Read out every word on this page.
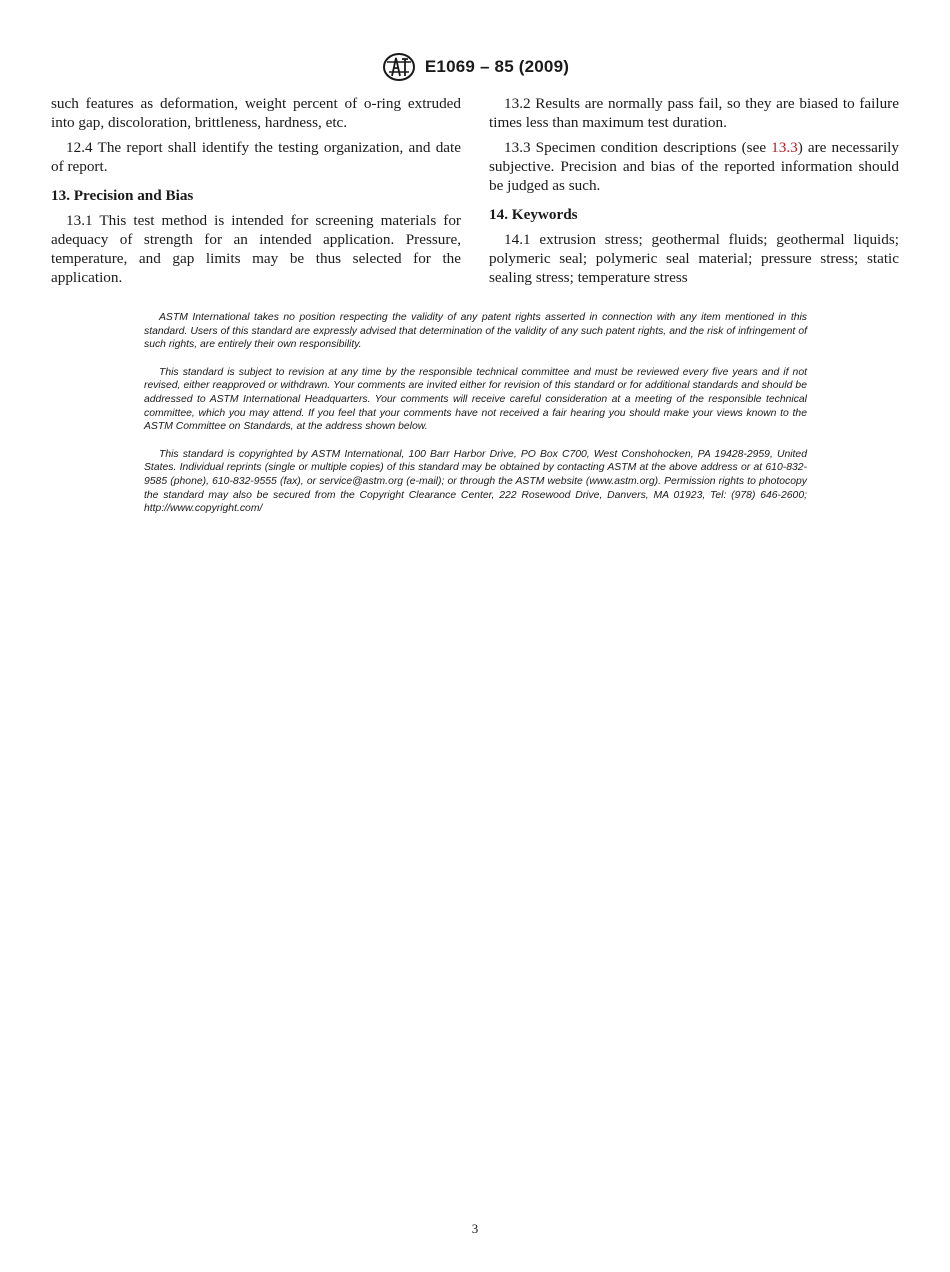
E1069 – 85 (2009)

such features as deformation, weight percent of o-ring extruded into gap, discoloration, brittleness, hardness, etc.

12.4 The report shall identify the testing organization, and date of report.

13. Precision and Bias

13.1 This test method is intended for screening materials for adequacy of strength for an intended application. Pressure, temperature, and gap limits may be thus selected for the application.

13.2 Results are normally pass fail, so they are biased to failure times less than maximum test duration.

13.3 Specimen condition descriptions (see 13.3) are necessarily subjective. Precision and bias of the reported information should be judged as such.

14. Keywords

14.1 extrusion stress; geothermal fluids; geothermal liquids; polymeric seal; polymeric seal material; pressure stress; static sealing stress; temperature stress

ASTM International takes no position respecting the validity of any patent rights asserted in connection with any item mentioned in this standard. Users of this standard are expressly advised that determination of the validity of any such patent rights, and the risk of infringement of such rights, are entirely their own responsibility.

This standard is subject to revision at any time by the responsible technical committee and must be reviewed every five years and if not revised, either reapproved or withdrawn. Your comments are invited either for revision of this standard or for additional standards and should be addressed to ASTM International Headquarters. Your comments will receive careful consideration at a meeting of the responsible technical committee, which you may attend. If you feel that your comments have not received a fair hearing you should make your views known to the ASTM Committee on Standards, at the address shown below.

This standard is copyrighted by ASTM International, 100 Barr Harbor Drive, PO Box C700, West Conshohocken, PA 19428-2959, United States. Individual reprints (single or multiple copies) of this standard may be obtained by contacting ASTM at the above address or at 610-832-9585 (phone), 610-832-9555 (fax), or service@astm.org (e-mail); or through the ASTM website (www.astm.org). Permission rights to photocopy the standard may also be secured from the Copyright Clearance Center, 222 Rosewood Drive, Danvers, MA 01923, Tel: (978) 646-2600; http://www.copyright.com/

3
